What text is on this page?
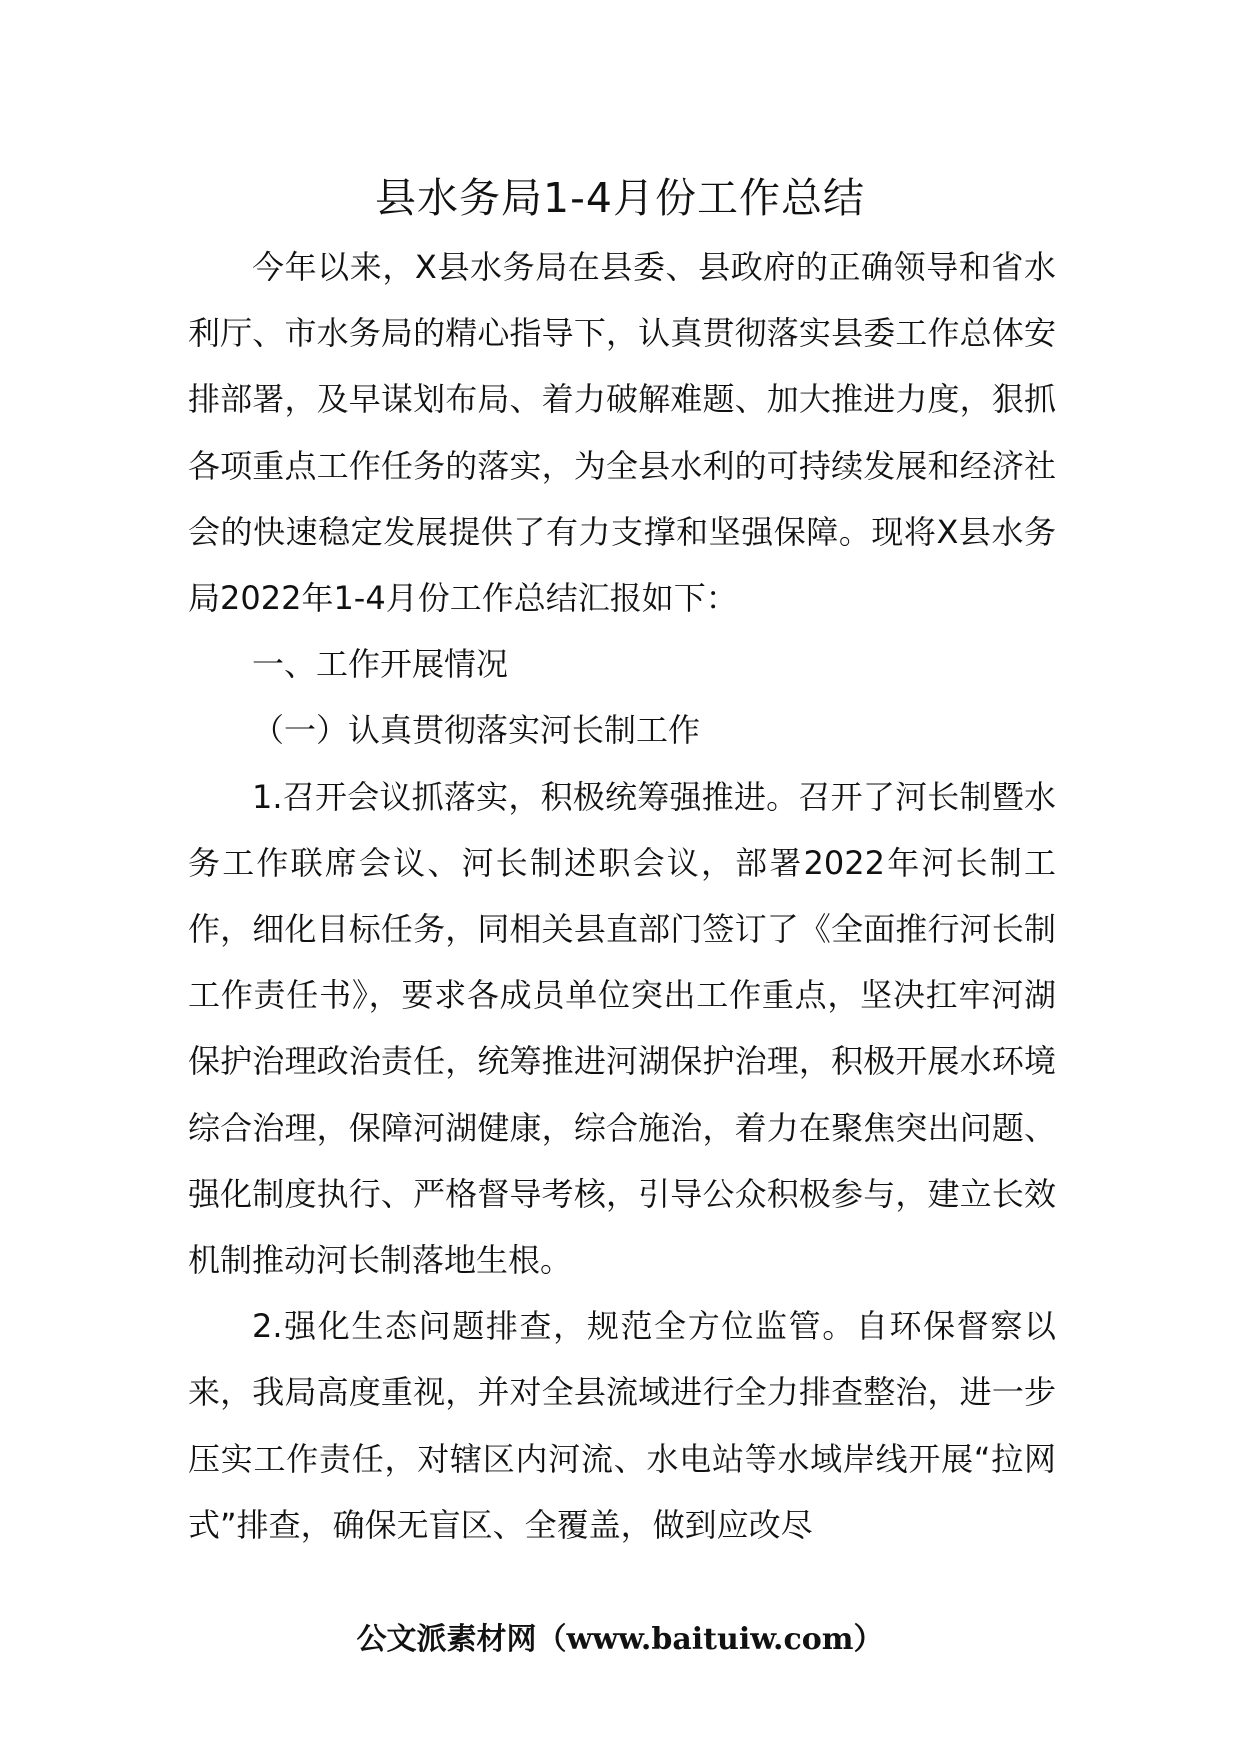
县水务局1-4月份工作总结

今年以来，X县水务局在县委、县政府的正确领导和省水利厅、市水务局的精心指导下，认真贯彻落实县委工作总体安排部署，及早谋划布局、着力破解难题、加大推进力度，狠抓各项重点工作任务的落实，为全县水利的可持续发展和经济社会的快速稳定发展提供了有力支撑和坚强保障。现将X县水务局2022年1-4月份工作总结汇报如下：

一、工作开展情况

（一）认真贯彻落实河长制工作

1.召开会议抓落实，积极统筹强推进。召开了河长制暨水务工作联席会议、河长制述职会议，部署2022年河长制工作，细化目标任务，同相关县直部门签订了《全面推行河长制工作责任书》，要求各成员单位突出工作重点，坚决扛牢河湖保护治理政治责任，统筹推进河湖保护治理，积极开展水环境综合治理，保障河湖健康，综合施治，着力在聚焦突出问题、强化制度执行、严格督导考核，引导公众积极参与，建立长效机制推动河长制落地生根。

2.强化生态问题排查，规范全方位监管。自环保督察以来，我局高度重视，并对全县流域进行全力排查整治，进一步压实工作责任，对辖区内河流、水电站等水域岸线开展“拉网式”排查，确保无盲区、全覆盖，做到应改尽

公文派素材网（www.baituiw.com）
